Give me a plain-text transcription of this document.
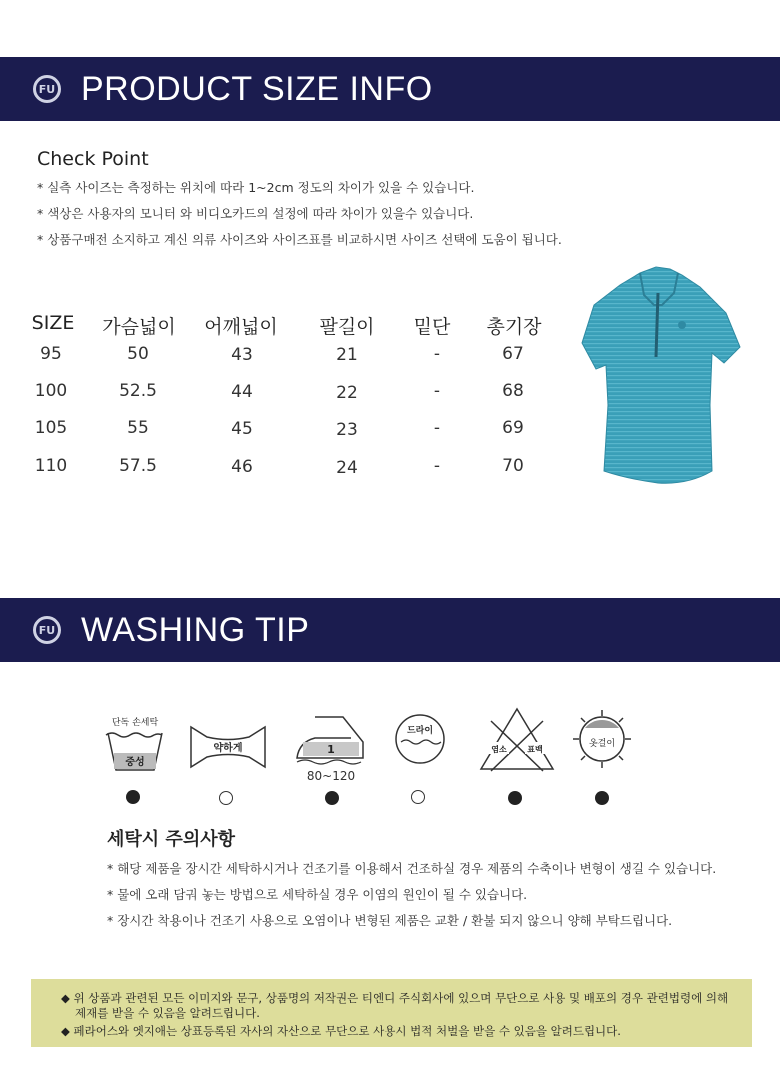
FU PRODUCT SIZE INFO
Check Point
* 실측 사이즈는 측정하는 위치에 따라 1~2cm 정도의 차이가 있을 수 있습니다.
* 색상은 사용자의 모니터 와 비디오카드의 설정에 따라 차이가 있을수 있습니다.
* 상품구매전 소지하고 계신 의류 사이즈와 사이즈표를 비교하시면 사이즈 선택에 도움이 됩니다.
SIZE	가슴넓이	어깨넓이	팔길이	밑단	총기장
95	50	43	21	-	67
100	52.5	44	22	-	68
105	55	45	23	-	69
110	57.5	46	24	-	70
FU WASHING TIP
단독 손세탁
중성
약하게	1
80~120
드라이
염소	표백
옷걸이
세탁시 주의사항
* 해당 제품을 장시간 세탁하시거나 건조기를 이용해서 건조하실 경우 제품의 수축이나 변형이 생길 수 있습니다.
* 물에 오래 담궈 놓는 방법으로 세탁하실 경우 이염의 원인이 될 수 있습니다.
* 장시간 착용이나 건조기 사용으로 오염이나 변형된 제품은 교환 / 환불 되지 않으니 양해 부탁드립니다.
◆ 위 상품과 관련된 모든 이미지와 문구, 상품명의 저작권은 티엔디 주식회사에 있으며 무단으로 사용 및 배포의 경우 관련법령에 의해
제재를 받을 수 있음을 알려드립니다.
◆ 페라어스와 엣지애는 상표등록된 자사의 자산으로 무단으로 사용시 법적 처벌을 받을 수 있음을 알려드립니다.
